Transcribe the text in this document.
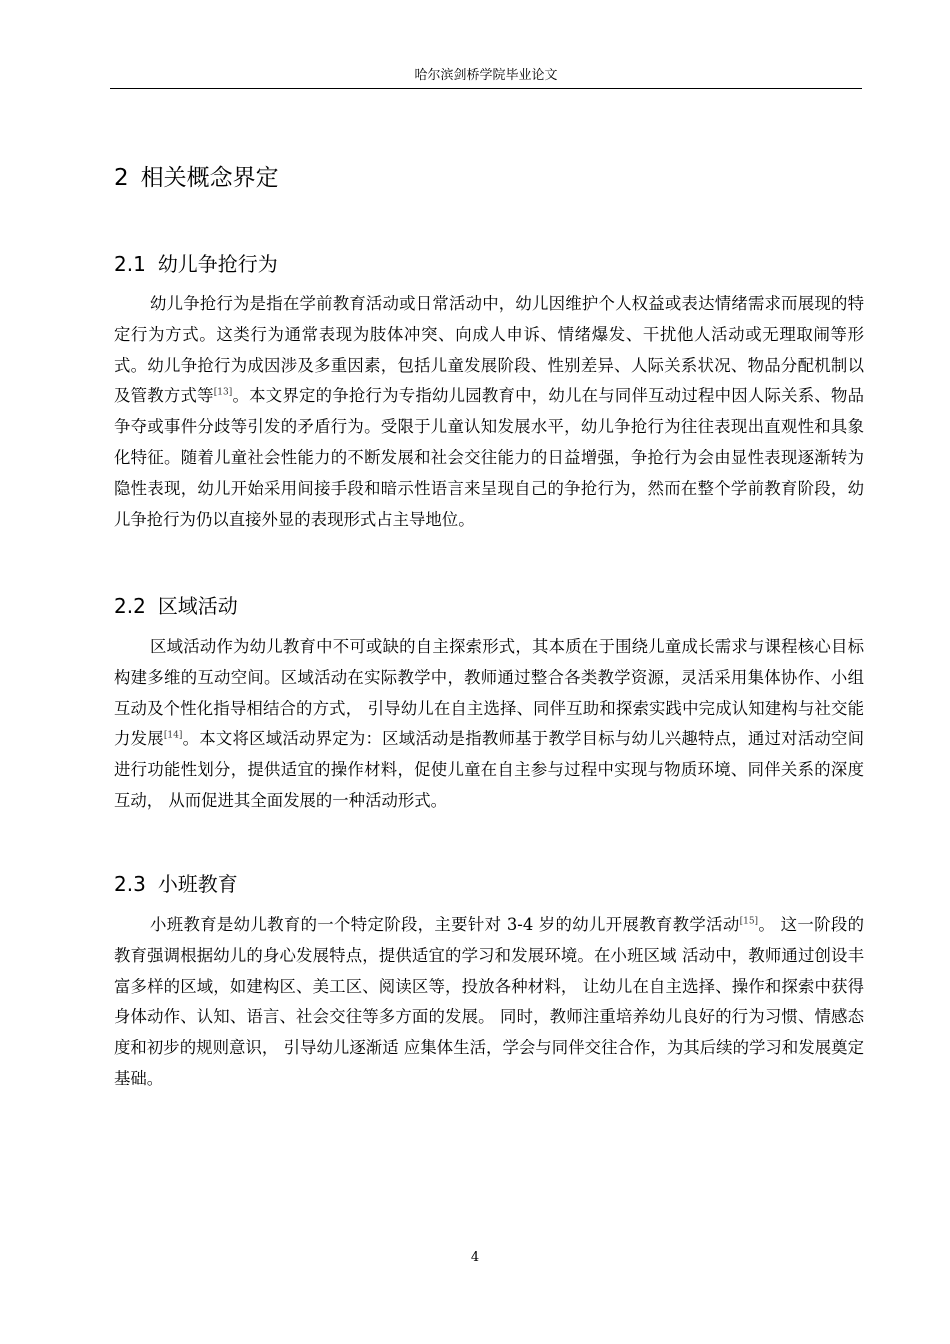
哈尔滨剑桥学院毕业论文
2 相关概念界定
2.1 幼儿争抢行为

幼儿争抢行为是指在学前教育活动或日常活动中，幼儿因维护个人权益或表达情绪需求而展现的特定行为方式。这类行为通常表现为肢体冲突、向成人申诉、情绪爆发、干扰他人活动或无理取闹等形式。幼儿争抢行为成因涉及多重因素，包括儿童发展阶段、性别差异、人际关系状况、物品分配机制以及管教方式等[13]。本文界定的争抢行为专指幼儿园教育中，幼儿在与同伴互动过程中因人际关系、物品争夺或事件分歧等引发的矛盾行为。受限于儿童认知发展水平，幼儿争抢行为往往表现出直观性和具象化特征。随着儿童社会性能力的不断发展和社会交往能力的日益增强，争抢行为会由显性表现逐渐转为隐性表现，幼儿开始采用间接手段和暗示性语言来呈现自己的争抢行为，然而在整个学前教育阶段，幼儿争抢行为仍以直接外显的表现形式占主导地位。

2.2 区域活动

区域活动作为幼儿教育中不可或缺的自主探索形式，其本质在于围绕儿童成长需求与课程核心目标构建多维的互动空间。区域活动在实际教学中，教师通过整合各类教学资源，灵活采用集体协作、小组互动及个性化指导相结合的方式， 引导幼儿在自主选择、同伴互助和探索实践中完成认知建构与社交能力发展[14]。本文将区域活动界定为：区域活动是指教师基于教学目标与幼儿兴趣特点，通过对活动空间进行功能性划分，提供适宜的操作材料，促使儿童在自主参与过程中实现与物质环境、同伴关系的深度互动， 从而促进其全面发展的一种活动形式。

2.3 小班教育

小班教育是幼儿教育的一个特定阶段，主要针对 3-4 岁的幼儿开展教育教学活动[15]。 这一阶段的教育强调根据幼儿的身心发展特点，提供适宜的学习和发展环境。在小班区域 活动中，教师通过创设丰富多样的区域，如建构区、美工区、阅读区等，投放各种材料， 让幼儿在自主选择、操作和探索中获得身体动作、认知、语言、社会交往等多方面的发展。 同时，教师注重培养幼儿良好的行为习惯、情感态度和初步的规则意识， 引导幼儿逐渐适 应集体生活，学会与同伴交往合作，为其后续的学习和发展奠定基础。

4
